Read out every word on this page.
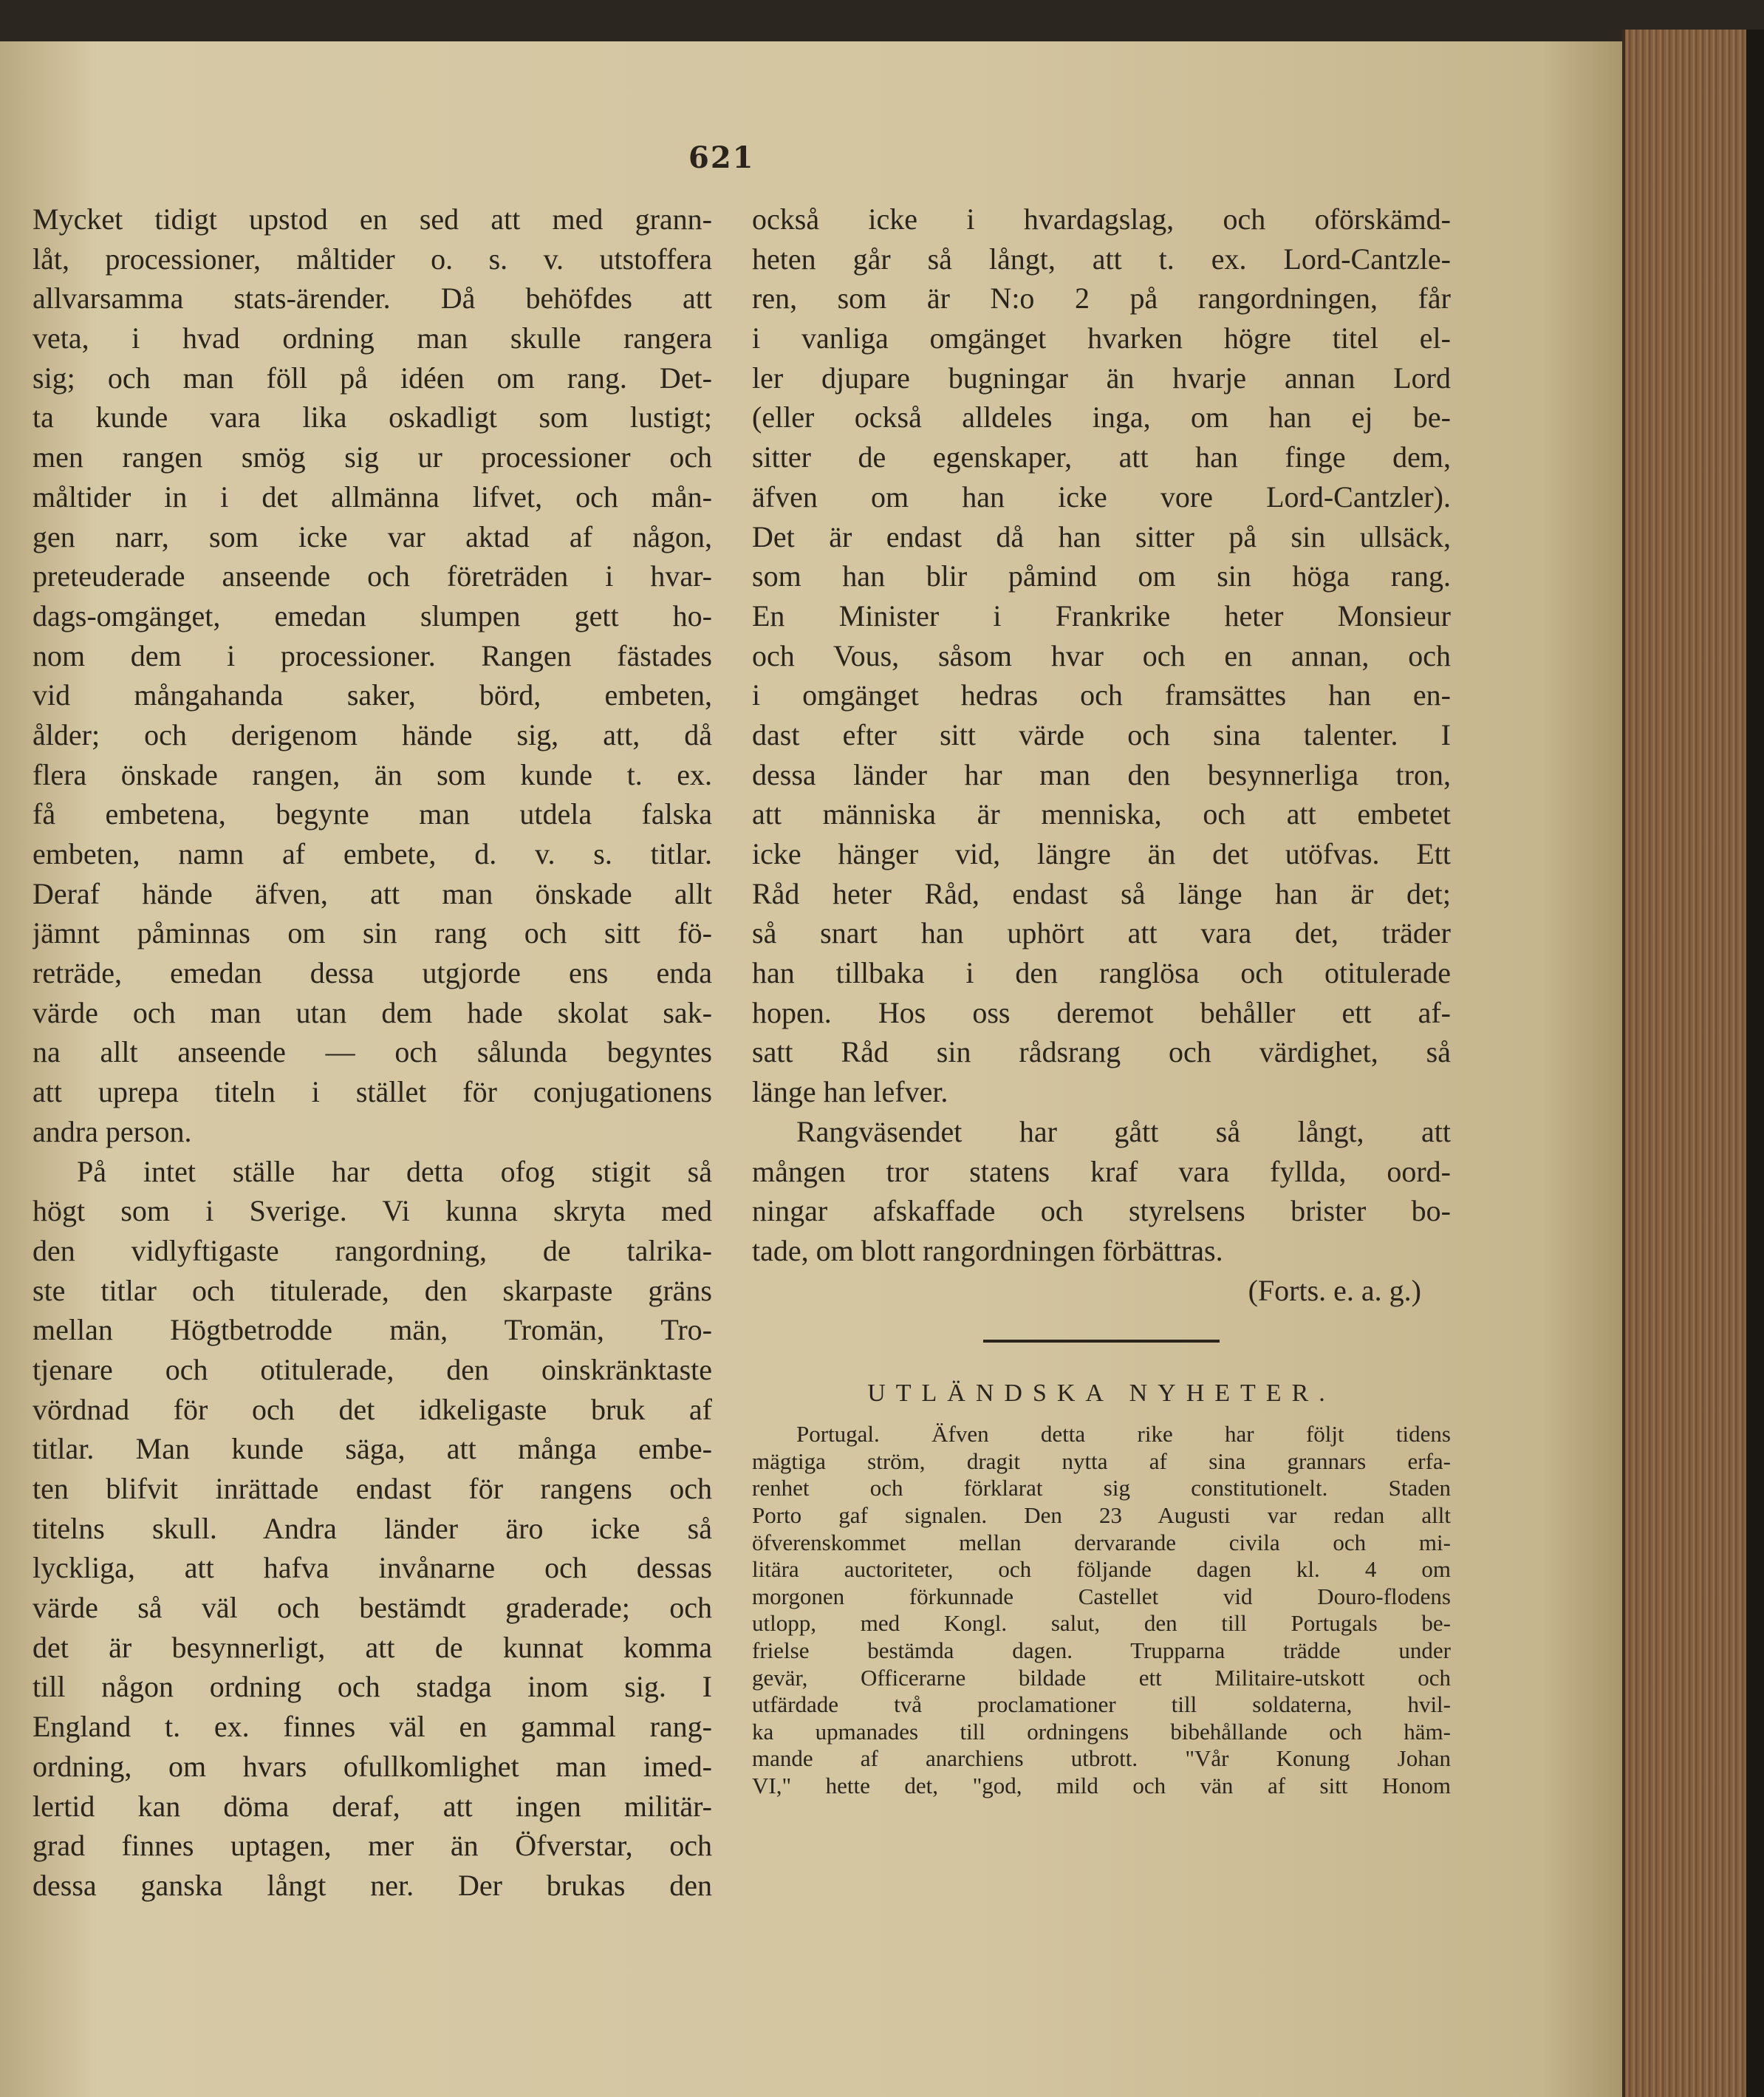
621
Mycket tidigt upstod en sed att med grann-
låt, processioner, måltider o. s. v. utstoffera
allvarsamma stats-ärender. Då behöfdes att
veta, i hvad ordning man skulle rangera
sig; och man föll på idéen om rang. Det-
ta kunde vara lika oskadligt som lustigt;
men rangen smög sig ur processioner och
måltider in i det allmänna lifvet, och mån-
gen narr, som icke var aktad af någon,
preteuderade anseende och företräden i hvar-
dags-omgänget, emedan slumpen gett ho-
nom dem i processioner. Rangen fästades
vid mångahanda saker, börd, embeten,
ålder; och derigenom hände sig, att, då
flera önskade rangen, än som kunde t. ex.
få embetena, begynte man utdela falska
embeten, namn af embete, d. v. s. titlar.
Deraf hände äfven, att man önskade allt
jämnt påminnas om sin rang och sitt fö-
reträde, emedan dessa utgjorde ens enda
värde och man utan dem hade skolat sak-
na allt anseende — och sålunda begyntes
att uprepa titeln i stället för conjugationens
andra person.
På intet ställe har detta ofog stigit så
högt som i Sverige. Vi kunna skryta med
den vidlyftigaste rangordning, de talrika-
ste titlar och titulerade, den skarpaste gräns
mellan Högtbetrodde män, Tromän, Tro-
tjenare och otitulerade, den oinskränktaste
vördnad för och det idkeligaste bruk af
titlar. Man kunde säga, att många embe-
ten blifvit inrättade endast för rangens och
titelns skull. Andra länder äro icke så
lyckliga, att hafva invånarne och dessas
värde så väl och bestämdt graderade; och
det är besynnerligt, att de kunnat komma
till någon ordning och stadga inom sig. I
England t. ex. finnes väl en gammal rang-
ordning, om hvars ofullkomlighet man imed-
lertid kan döma deraf, att ingen militär-
grad finnes uptagen, mer än Öfverstar, och
dessa ganska långt ner. Der brukas den
också icke i hvardagslag, och oförskämd-
heten går så långt, att t. ex. Lord-Cantzle-
ren, som är N:o 2 på rangordningen, får
i vanliga omgänget hvarken högre titel el-
ler djupare bugningar än hvarje annan Lord
(eller också alldeles inga, om han ej be-
sitter de egenskaper, att han finge dem,
äfven om han icke vore Lord-Cantzler).
Det är endast då han sitter på sin ullsäck,
som han blir påmind om sin höga rang.
En Minister i Frankrike heter Monsieur
och Vous, såsom hvar och en annan, och
i omgänget hedras och framsättes han en-
dast efter sitt värde och sina talenter. I
dessa länder har man den besynnerliga tron,
att människa är menniska, och att embetet
icke hänger vid, längre än det utöfvas. Ett
Råd heter Råd, endast så länge han är det;
så snart han uphört att vara det, träder
han tillbaka i den ranglösa och otitulerade
hopen. Hos oss deremot behåller ett af-
satt Råd sin rådsrang och värdighet, så
länge han lefver.
Rangväsendet har gått så långt, att
mången tror statens kraf vara fyllda, oord-
ningar afskaffade och styrelsens brister bo-
tade, om blott rangordningen förbättras.
(Forts. e. a. g.)
UTLÄNDSKA NYHETER.
Portugal. Äfven detta rike har följt tidens
mägtiga ström, dragit nytta af sina grannars erfa-
renhet och förklarat sig constitutionelt. Staden
Porto gaf signalen. Den 23 Augusti var redan allt
öfverenskommet mellan dervarande civila och mi-
litära auctoriteter, och följande dagen kl. 4 om
morgonen förkunnade Castellet vid Douro-flodens
utlopp, med Kongl. salut, den till Portugals be-
frielse bestämda dagen. Trupparna trädde under
gevär, Officerarne bildade ett Militaire-utskott och
utfärdade två proclamationer till soldaterna, hvil-
ka upmanades till ordningens bibehållande och häm-
mande af anarchiens utbrott. "Vår Konung Johan
VI," hette det, "god, mild och vän af sitt Honom
